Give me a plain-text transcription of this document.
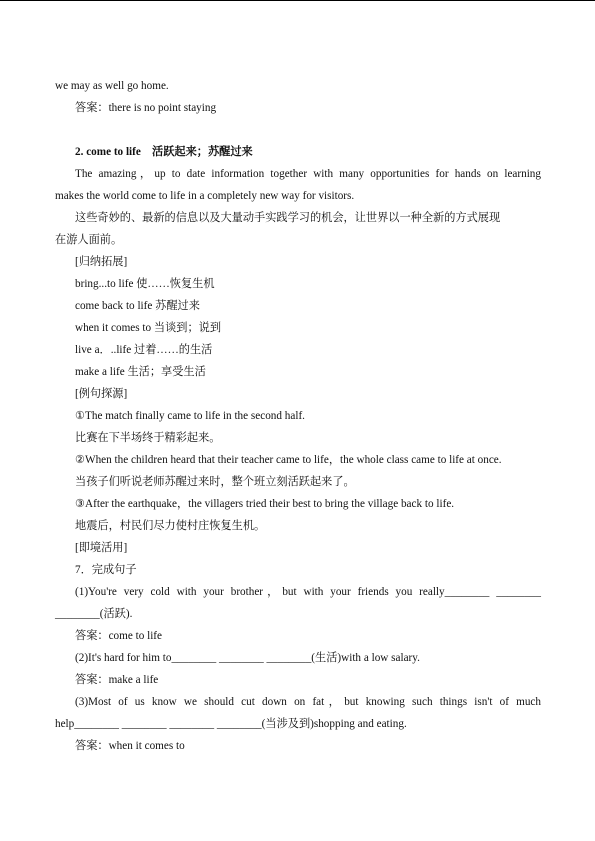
we may as well go home.
答案：there is no point staying
2. come to life　活跃起来；苏醒过来
The amazing，up to date information together with many opportunities for hands on learning
makes the world come to life in a completely new way for visitors.
这些奇妙的、最新的信息以及大量动手实践学习的机会，让世界以一种全新的方式展现
在游人面前。
[归纳拓展]
bring...to life 使……恢复生机
come back to life 苏醒过来
when it comes to 当谈到；说到
live a．..life 过着……的生活
make a life 生活；享受生活
[例句探源]
①The match finally came to life in the second half.
比赛在下半场终于精彩起来。
②When the children heard that their teacher came to life，the whole class came to life at once.
当孩子们听说老师苏醒过来时，整个班立刻活跃起来了。
③After the earthquake，the villagers tried their best to bring the village back to life.
地震后，村民们尽力使村庄恢复生机。
[即境活用]
7．完成句子
(1)You're very cold with your brother，but with your friends you really________ ________
________(活跃).
答案：come to life
(2)It's hard for him to________ ________ ________(生活)with a low salary.
答案：make a life
(3)Most of us know we should cut down on fat，but knowing such things isn't of much
help________ ________ ________ ________(当涉及到)shopping and eating.
答案：when it comes to
